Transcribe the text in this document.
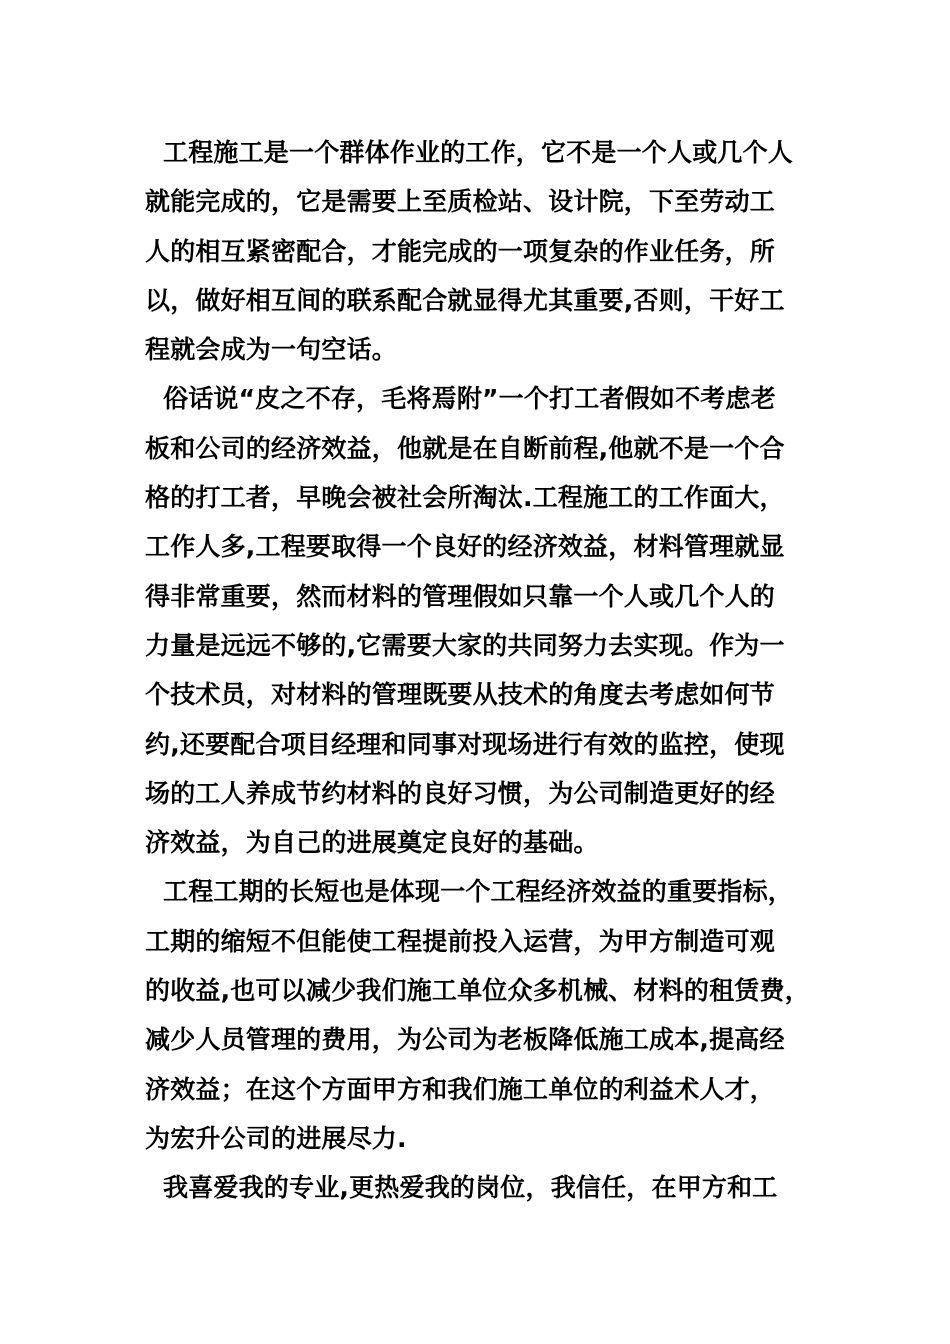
工程施工是一个群体作业的工作，它不是一个人或几个人
就能完成的，它是需要上至质检站、设计院，下至劳动工
人的相互紧密配合，才能完成的一项复杂的作业任务，所
以，做好相互间的联系配合就显得尤其重要,否则，干好工
程就会成为一句空话。
俗话说“皮之不存，毛将焉附”一个打工者假如不考虑老
板和公司的经济效益，他就是在自断前程,他就不是一个合
格的打工者，早晚会被社会所淘汰.工程施工的工作面大，
工作人多,工程要取得一个良好的经济效益，材料管理就显
得非常重要，然而材料的管理假如只靠一个人或几个人的
力量是远远不够的,它需要大家的共同努力去实现。作为一
个技术员，对材料的管理既要从技术的角度去考虑如何节
约,还要配合项目经理和同事对现场进行有效的监控，使现
场的工人养成节约材料的良好习惯，为公司制造更好的经
济效益，为自己的进展奠定良好的基础。
工程工期的长短也是体现一个工程经济效益的重要指标，
工期的缩短不但能使工程提前投入运营，为甲方制造可观
的收益,也可以减少我们施工单位众多机械、材料的租赁费，
减少人员管理的费用，为公司为老板降低施工成本,提高经
济效益；在这个方面甲方和我们施工单位的利益术人才，
为宏升公司的进展尽力.
我喜爱我的专业,更热爱我的岗位，我信任，在甲方和工
